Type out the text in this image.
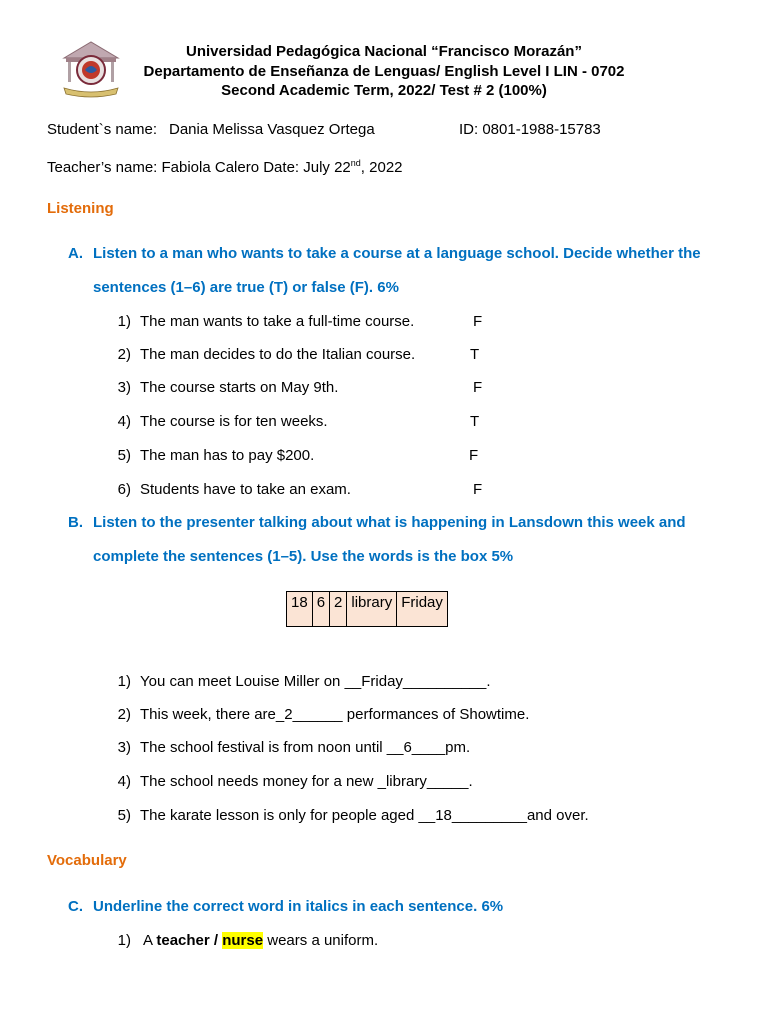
Universidad Pedagógica Nacional “Francisco Morazán”
Departamento de Enseñanza de Lenguas/ English Level I LIN - 0702
Second Academic Term, 2022/ Test # 2 (100%)
Student`s name: Dania Melissa Vasquez Ortega	ID: 0801-1988-15783
Teacher’s name: Fabiola Calero Date: July 22nd, 2022
Listening
A. Listen to a man who wants to take a course at a language school. Decide whether the
sentences (1–6) are true (T) or false (F). 6%
1) The man wants to take a full-time course.	F
2) The man decides to do the Italian course.	T
3) The course starts on May 9th.	F
4) The course is for ten weeks.	T
5) The man has to pay $200.	F
6) Students have to take an exam.	F
B. Listen to the presenter talking about what is happening in Lansdown this week and
complete the sentences (1–5). Use the words is the box 5%
18	6	2	library	Friday
1) You can meet Louise Miller on __Friday__________.
2) This week, there are_2______ performances of Showtime.
3) The school festival is from noon until __6____pm.
4) The school needs money for a new _library_____.
5) The karate lesson is only for people aged __18_________and over.
Vocabulary
C. Underline the correct word in italics in each sentence. 6%
1) A teacher / nurse wears a uniform.
